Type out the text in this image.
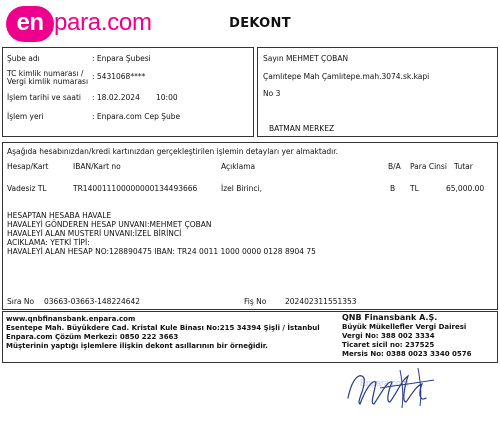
en para.com	DEKONT
Şube adı	: Enpara Şubesi
TC kimlik numarası /
Vergi kimlik numarası
: 5431068****
İşlem tarihi ve saati : 18.02.2024 10:00
İşlem yeri	: Enpara.com Cep Şube
Sayın MEHMET ÇOBAN
Çamlıtepe Mah Çamlıtepe.mah.3074.sk.kapi
No 3
BATMAN MERKEZ
Aşağıda hesabınızdan/kredi kartınızdan gerçekleştirilen işlemin detayları yer almaktadır.
Hesap/Kart	IBAN/Kart no	Açıklama	B/A Para Cinsi Tutar
Vadesiz TL	TR140011100000000134493666	İzel Birinci,	B TL	65,000.00
HESAPTAN HESABA HAVALE
HAVALEYİ GÖNDEREN HESAP UNVANI:MEHMET ÇOBAN
HAVALEYİ ALAN MUSTERİ UNVANI:İZEL BİRİNCİ
ACIKLAMA: YETKİ TİPİ:
HAVALEYİ ALAN HESAP NO:128890475 IBAN: TR24 0011 1000 0000 0128 8904 75
Sıra No 03663-03663-148224642	Fiş No 202402311551353
www.qnbfinansbank.enpara.com
Esentepe Mah. Büyükdere Cad. Kristal Kule Binası No:215 34394 Şişli / İstanbul
Enpara.com Çözüm Merkezi: 0850 222 3663
Müşterinin yaptığı işlemlere ilişkin dekont asıllarının bir örneğidir.
QNB Finansbank A.Ş.
Büyük Mükellefler Vergi Dairesi
Vergi No: 388 002 3334
Ticaret sicil no: 237525
Mersis No: 0388 0023 3340 0576
Enpara.com
